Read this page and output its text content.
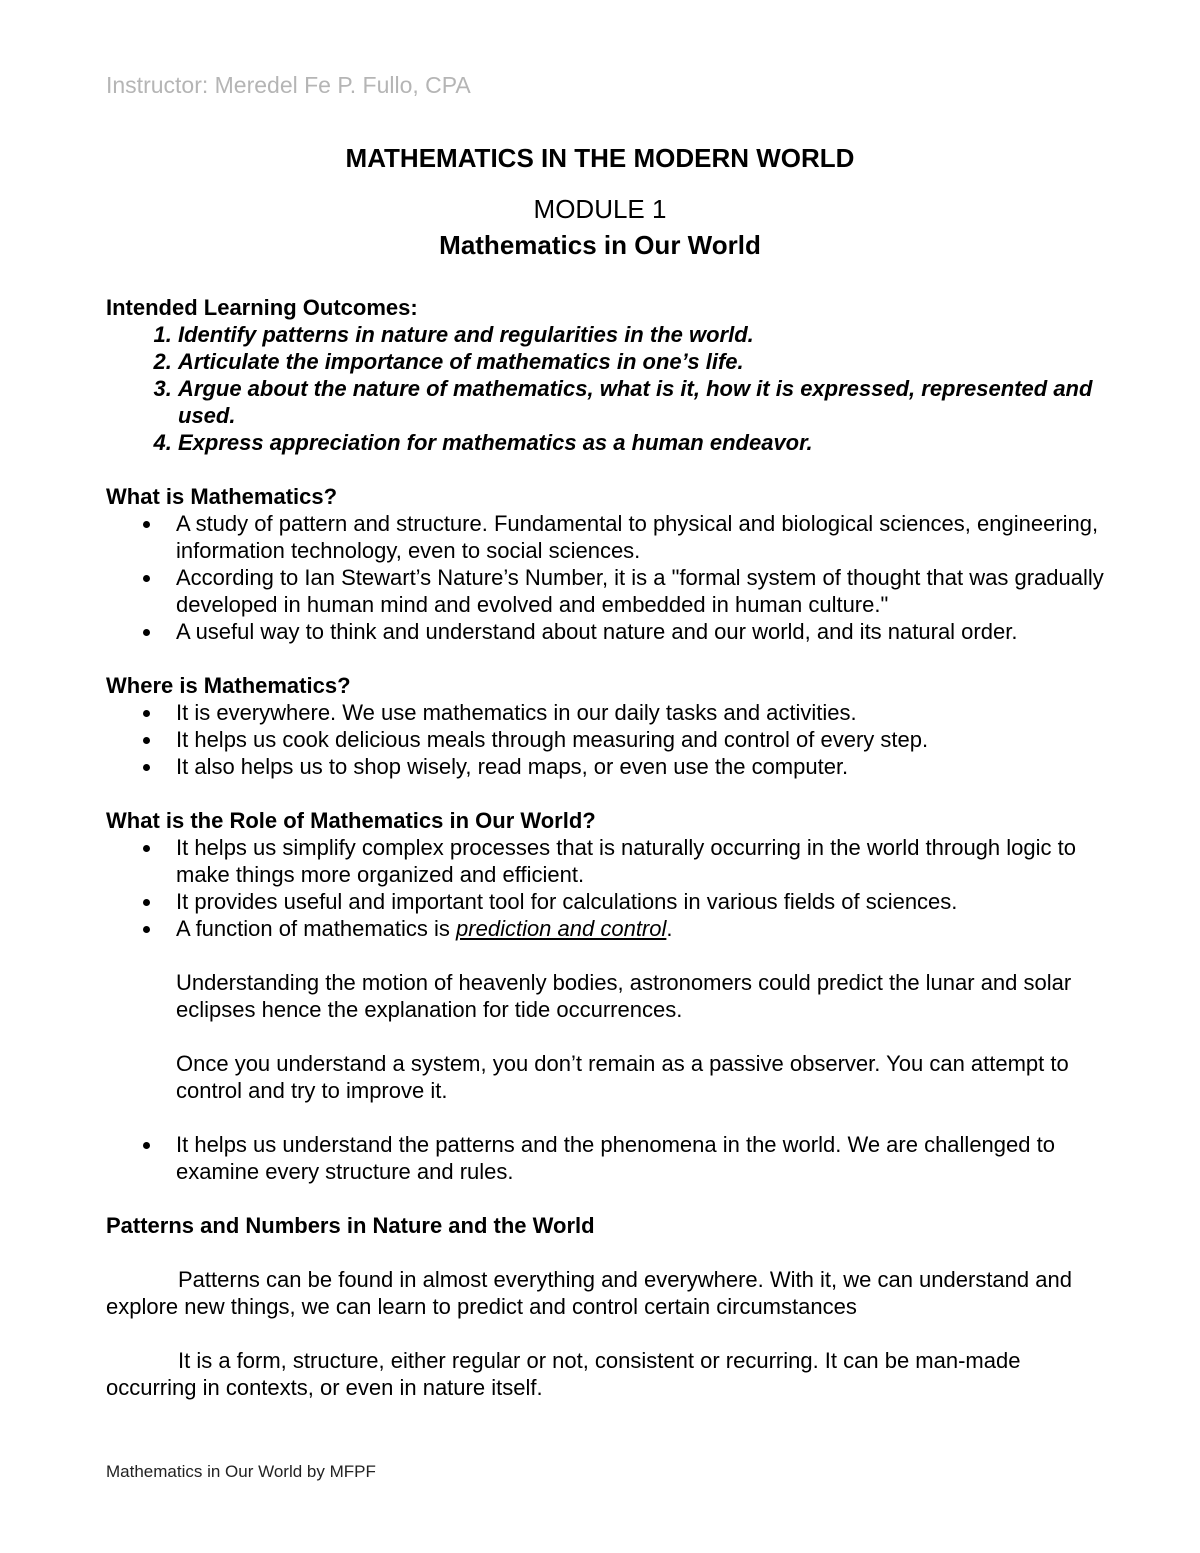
Instructor: Meredel Fe P. Fullo, CPA
MATHEMATICS IN THE MODERN WORLD
MODULE 1
Mathematics in Our World
Intended Learning Outcomes:
1. Identify patterns in nature and regularities in the world.
2. Articulate the importance of mathematics in one’s life.
3. Argue about the nature of mathematics, what is it, how it is expressed, represented and used.
4. Express appreciation for mathematics as a human endeavor.
What is Mathematics?
A study of pattern and structure. Fundamental to physical and biological sciences, engineering, information technology, even to social sciences.
According to Ian Stewart’s Nature’s Number, it is a "formal system of thought that was gradually developed in human mind and evolved and embedded in human culture."
A useful way to think and understand about nature and our world, and its natural order.
Where is Mathematics?
It is everywhere. We use mathematics in our daily tasks and activities.
It helps us cook delicious meals through measuring and control of every step.
It also helps us to shop wisely, read maps, or even use the computer.
What is the Role of Mathematics in Our World?
It helps us simplify complex processes that is naturally occurring in the world through logic to make things more organized and efficient.
It provides useful and important tool for calculations in various fields of sciences.
A function of mathematics is prediction and control.

Understanding the motion of heavenly bodies, astronomers could predict the lunar and solar eclipses hence the explanation for tide occurrences.

Once you understand a system, you don’t remain as a passive observer. You can attempt to control and try to improve it.

It helps us understand the patterns and the phenomena in the world. We are challenged to examine every structure and rules.
Patterns and Numbers in Nature and the World

Patterns can be found in almost everything and everywhere. With it, we can understand and explore new things, we can learn to predict and control certain circumstances

It is a form, structure, either regular or not, consistent or recurring. It can be man-made occurring in contexts, or even in nature itself.

Mathematics in Our World by MFPF
